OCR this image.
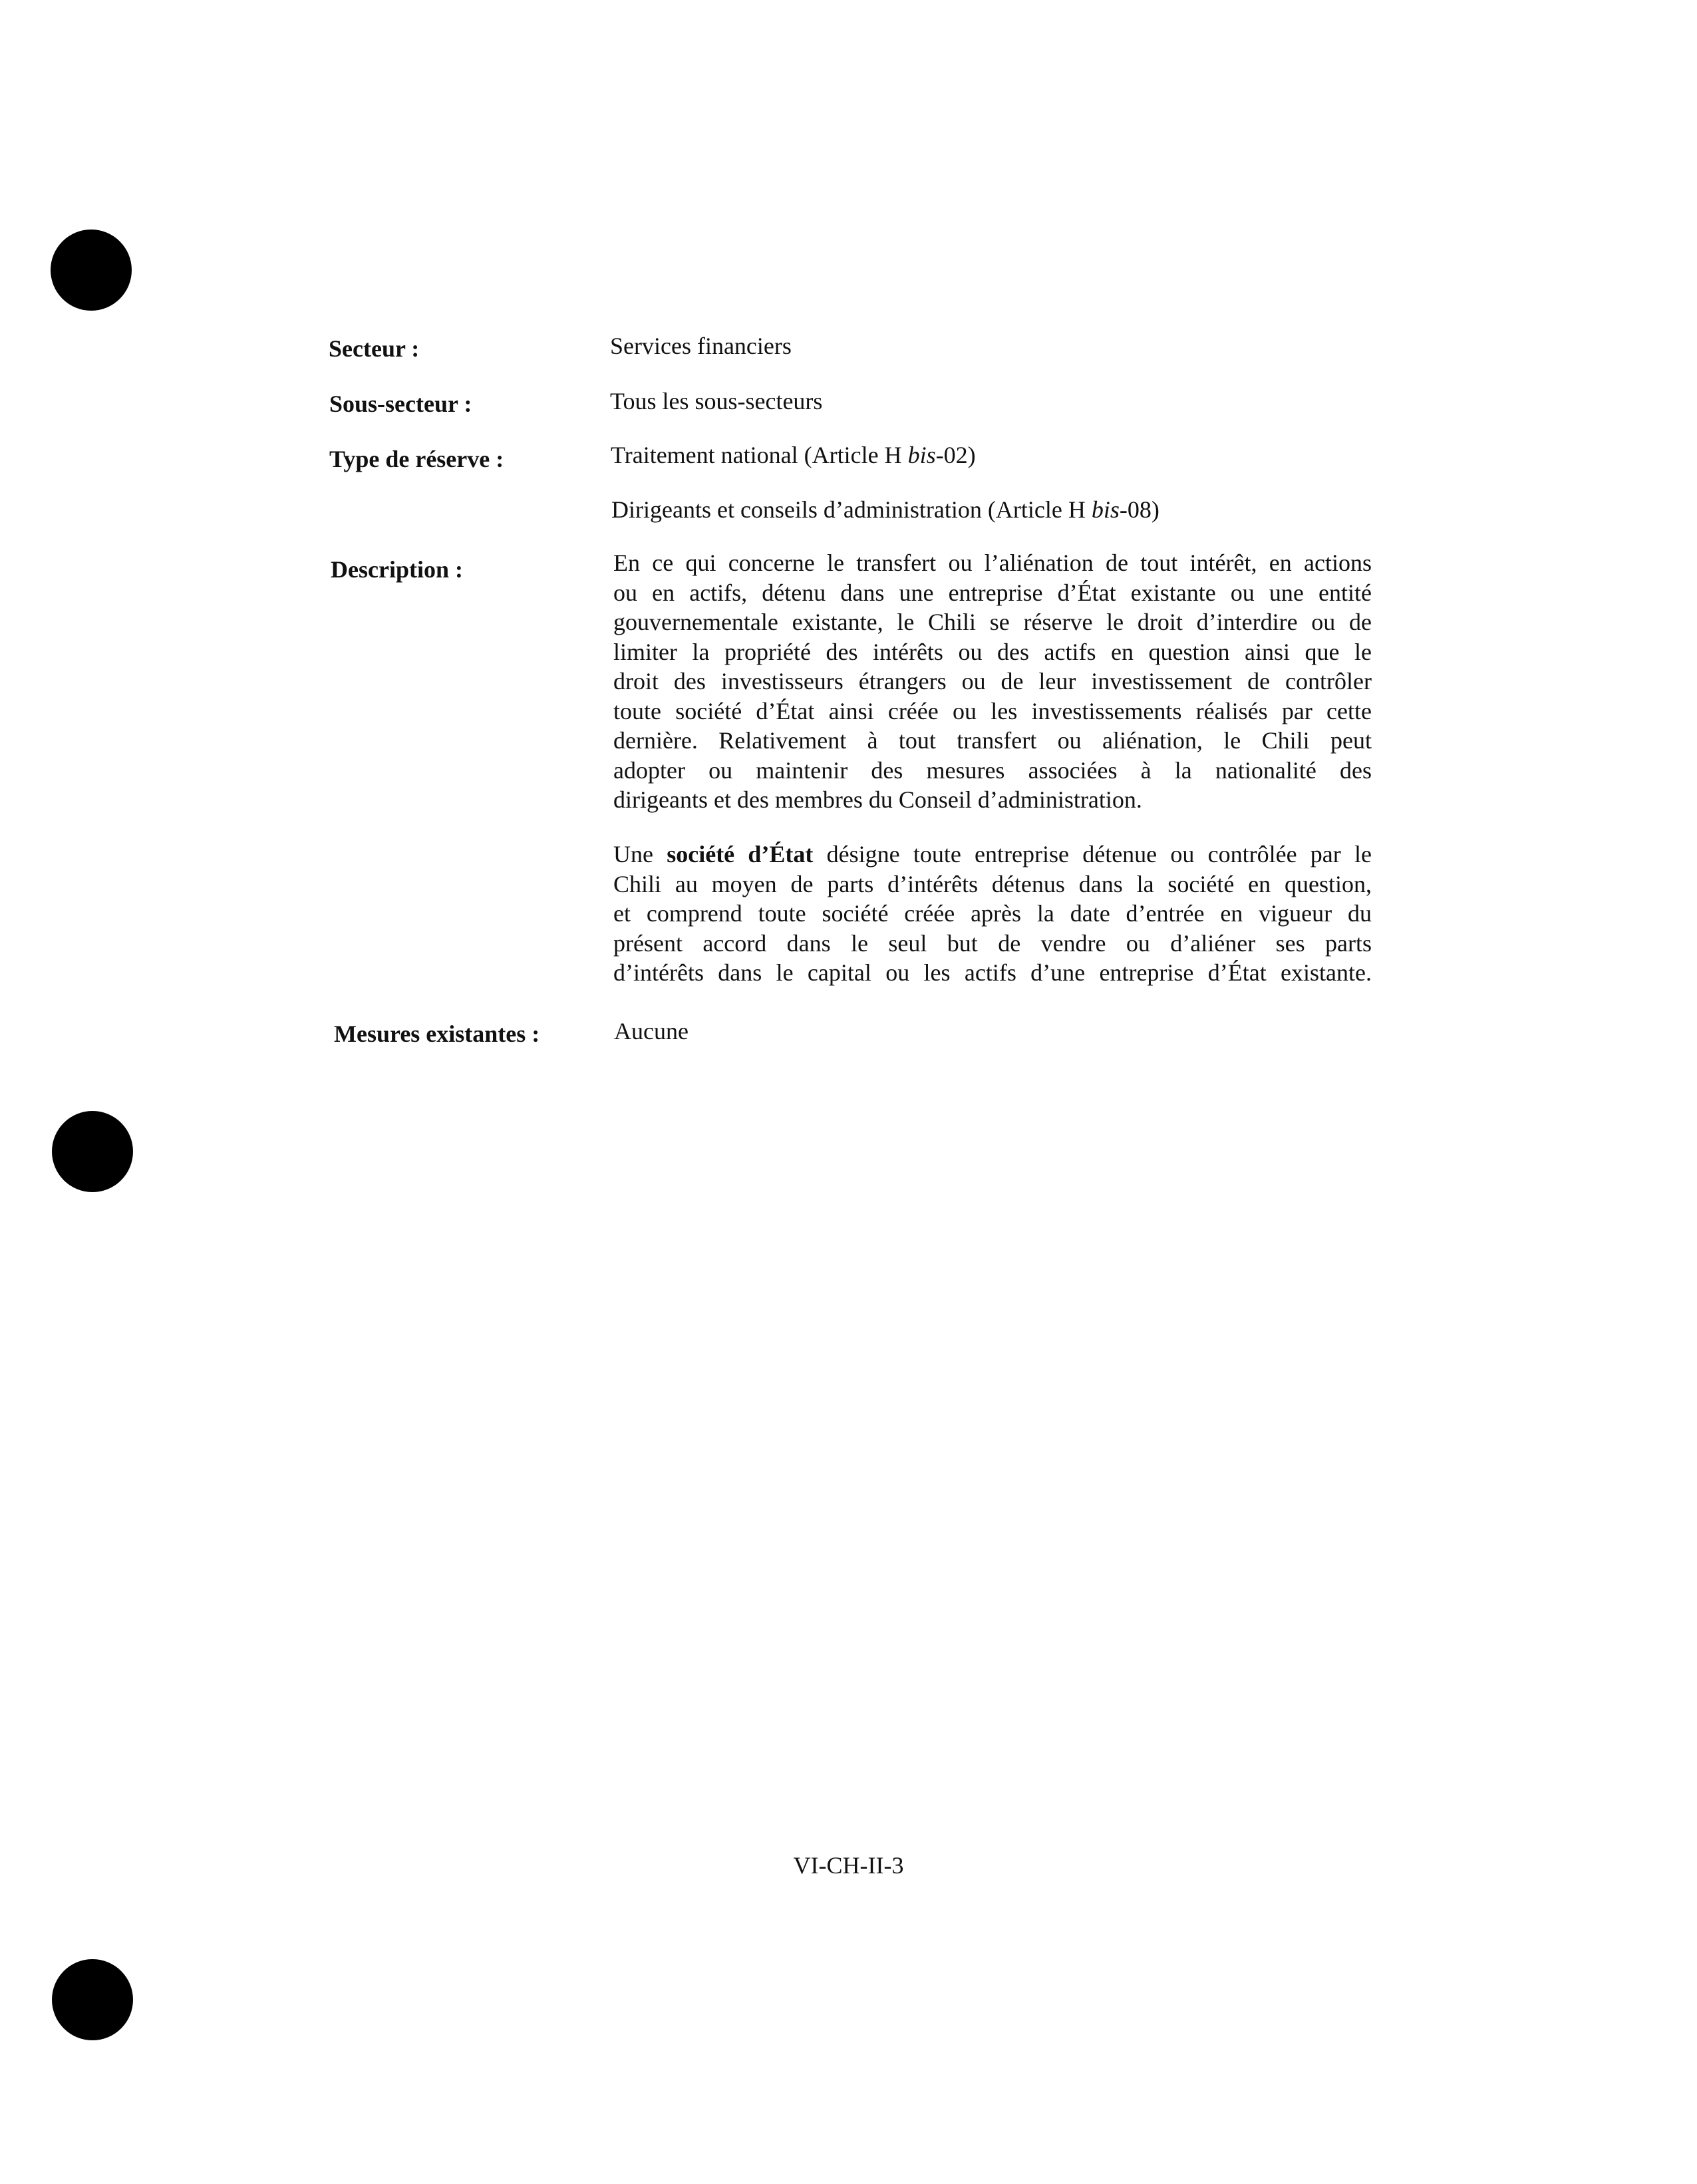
Secteur :	Services financiers
Sous-secteur :	Tous les sous-secteurs
Type de réserve :	Traitement national (Article H bis-02)
Dirigeants et conseils d’administration (Article H bis-08)
Description :	En ce qui concerne le transfert ou l’aliénation de tout intérêt, en actions
ou en actifs, détenu dans une entreprise d’État existante ou une entité
gouvernementale existante, le Chili se réserve le droit d’interdire ou de
limiter la propriété des intérêts ou des actifs en question ainsi que le
droit des investisseurs étrangers ou de leur investissement de contrôler
toute société d’État ainsi créée ou les investissements réalisés par cette
dernière. Relativement à tout transfert ou aliénation, le Chili peut
adopter ou maintenir des mesures associées à la nationalité des
dirigeants et des membres du Conseil d’administration.
Une société d’État désigne toute entreprise détenue ou contrôlée par le
Chili au moyen de parts d’intérêts détenus dans la société en question,
et comprend toute société créée après la date d’entrée en vigueur du
présent accord dans le seul but de vendre ou d’aliéner ses parts
d’intérêts dans le capital ou les actifs d’une entreprise d’État existante.
Mesures existantes :	Aucune
VI-CH-II-3
